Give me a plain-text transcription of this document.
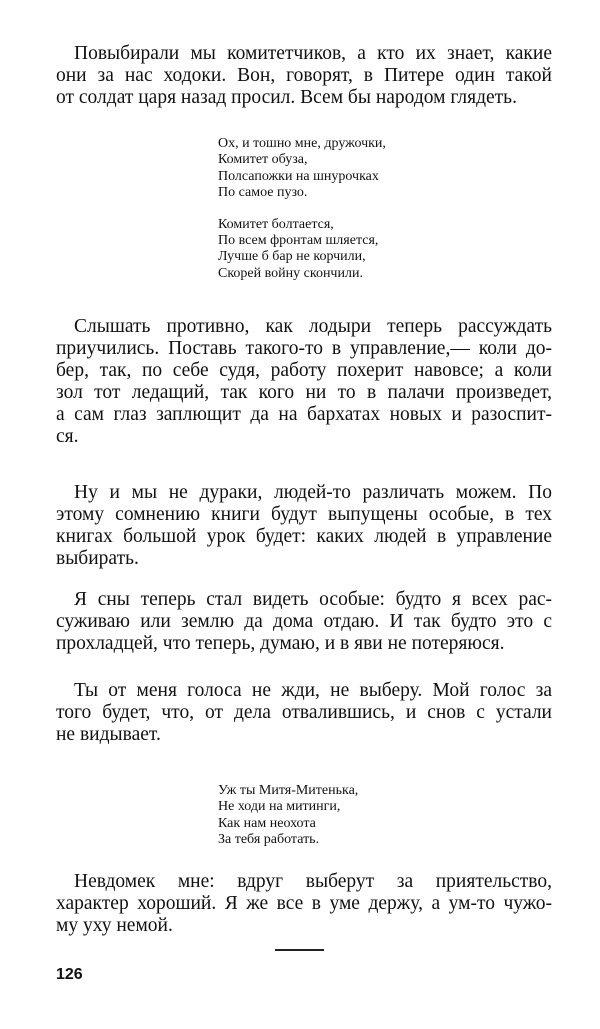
Повыбирали мы комитетчиков, а кто их знает, какие
они за нас ходоки. Вон, говорят, в Питере один такой
от солдат царя назад просил. Всем бы народом глядеть.
Ох, и тошно мне, дружочки,
Комитет обуза,
Полсапожки на шнурочках
По самое пузо.
Комитет болтается,
По всем фронтам шляется,
Лучше б бар не корчили,
Скорей войну скончили.
Слышать противно, как лодыри теперь рассуждать
приучились. Поставь такого-то в управление,— коли до-
бер, так, по себе судя, работу похерит навовсе; а коли
зол тот ледащий, так кого ни то в палачи произведет,
а сам глаз заплющит да на бархатах новых и разоспит-
ся.
Ну и мы не дураки, людей-то различать можем. По
этому сомнению книги будут выпущены особые, в тех
книгах большой урок будет: каких людей в управление
выбирать.
Я сны теперь стал видеть особые: будто я всех рас-
суживаю или землю да дома отдаю. И так будто это с
прохладцей, что теперь, думаю, и в яви не потеряюся.
Ты от меня голоса не жди, не выберу. Мой голос за
того будет, что, от дела отвалившись, и снов с устали
не видывает.
Уж ты Митя-Митенька,
Не ходи на митинги,
Как нам неохота
За тебя работать.
Невдомек мне: вдруг выберут за приятельство,
характер хороший. Я же все в уме держу, а ум-то чужо-
му уху немой.
126
